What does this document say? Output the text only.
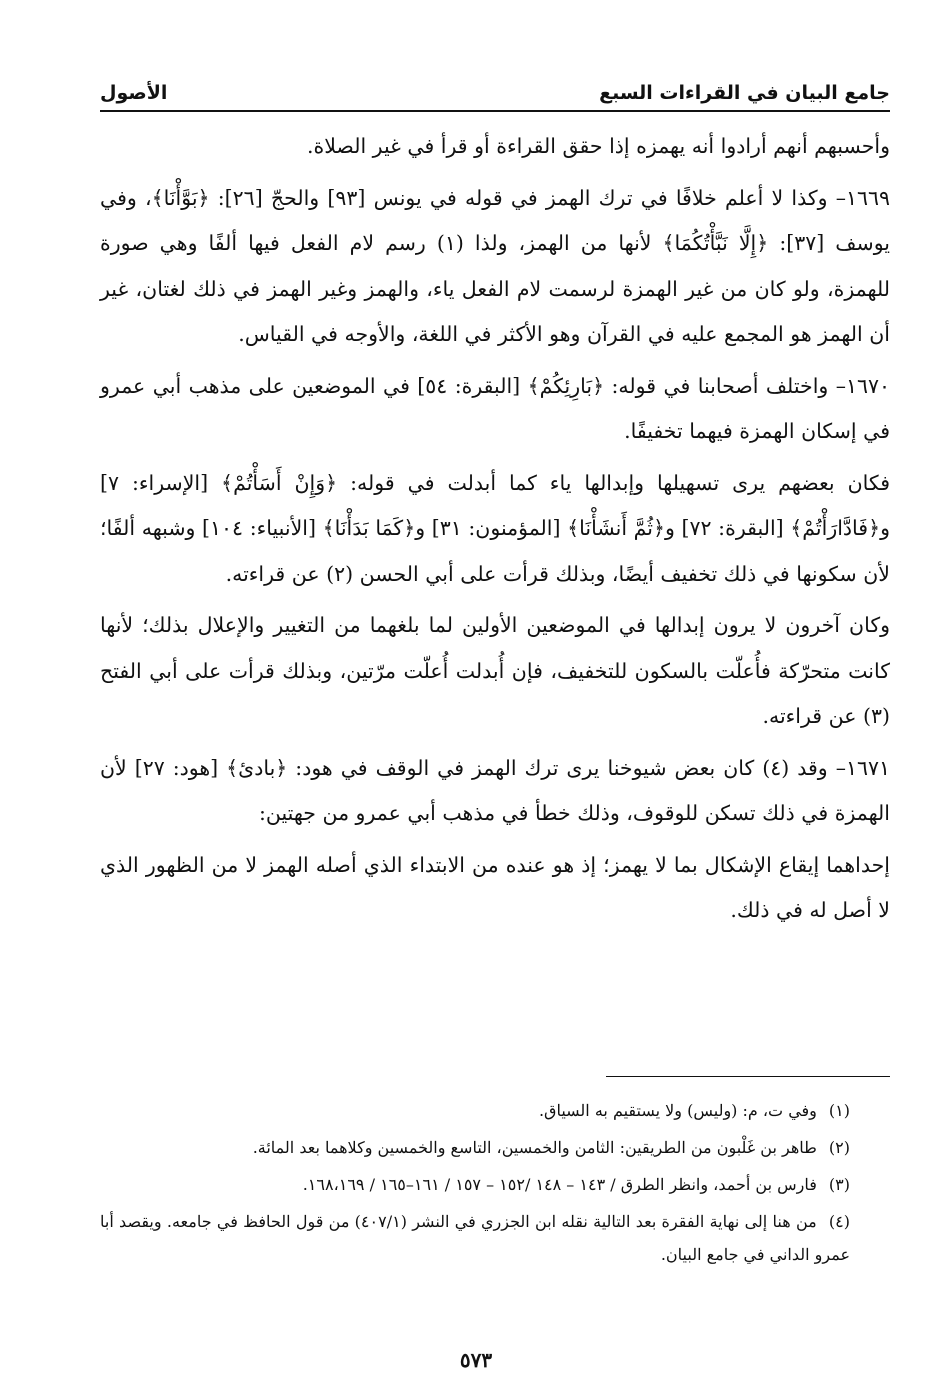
جامع البيان في القراءات السبع
الأصول

وأحسبهم أنهم أرادوا أنه يهمزه إذا حقق القراءة أو قرأ في غير الصلاة.

١٦٦٩– وكذا لا أعلم خلافًا في ترك الهمز في قوله في يونس [٩٣] والحجّ [٢٦]: ﴿بَوَّأْنَا﴾، وفي يوسف [٣٧]: ﴿إِلَّا نَبَّأْتُكُمَا﴾ لأنها من الهمز، ولذا (١) رسم لام الفعل فيها ألفًا وهي صورة للهمزة، ولو كان من غير الهمزة لرسمت لام الفعل ياء، والهمز وغير الهمز في ذلك لغتان، غير أن الهمز هو المجمع عليه في القرآن وهو الأكثر في اللغة، والأوجه في القياس.

١٦٧٠– واختلف أصحابنا في قوله: ﴿بَارِئِكُمْ﴾ [البقرة: ٥٤] في الموضعين على مذهب أبي عمرو في إسكان الهمزة فيهما تخفيفًا.

فكان بعضهم يرى تسهيلها وإبدالها ياء كما أبدلت في قوله: ﴿وَإِنْ أَسَأْتُمْ﴾ [الإسراء: ٧] و﴿فَادَّارَأْتُمْ﴾ [البقرة: ٧٢] و﴿ثُمَّ أَنشَأْنَا﴾ [المؤمنون: ٣١] و﴿كَمَا بَدَأْنَا﴾ [الأنبياء: ١٠٤] وشبهه ألفًا؛ لأن سكونها في ذلك تخفيف أيضًا، وبذلك قرأت على أبي الحسن (٢) عن قراءته.

وكان آخرون لا يرون إبدالها في الموضعين الأولين لما بلغهما من التغيير والإعلال بذلك؛ لأنها كانت متحرّكة فأُعلّت بالسكون للتخفيف، فإن أُبدلت أُعلّت مرّتين، وبذلك قرأت على أبي الفتح (٣) عن قراءته.

١٦٧١– وقد (٤) كان بعض شيوخنا يرى ترك الهمز في الوقف في هود: ﴿بادئ﴾ [هود: ٢٧] لأن الهمزة في ذلك تسكن للوقوف، وذلك خطأ في مذهب أبي عمرو من جهتين:

إحداهما إيقاع الإشكال بما لا يهمز؛ إذ هو عنده من الابتداء الذي أصله الهمز لا من الظهور الذي لا أصل له في ذلك.

(١) وفي ت، م: (وليس) ولا يستقيم به السياق.

(٢) طاهر بن غَلْبون من الطريقين: الثامن والخمسين، التاسع والخمسين وكلاهما بعد المائة.

(٣) فارس بن أحمد، وانظر الطرق / ١٤٣ – ١٤٨ /١٥٢ – ١٥٧ / ١٦١–١٦٥ / ١٦٨،١٦٩.

(٤) من هنا إلى نهاية الفقرة بعد التالية نقله ابن الجزري في النشر (٤٠٧/١) من قول الحافظ في جامعه. ويقصد أبا عمرو الداني في جامع البيان.

٥٧٣
